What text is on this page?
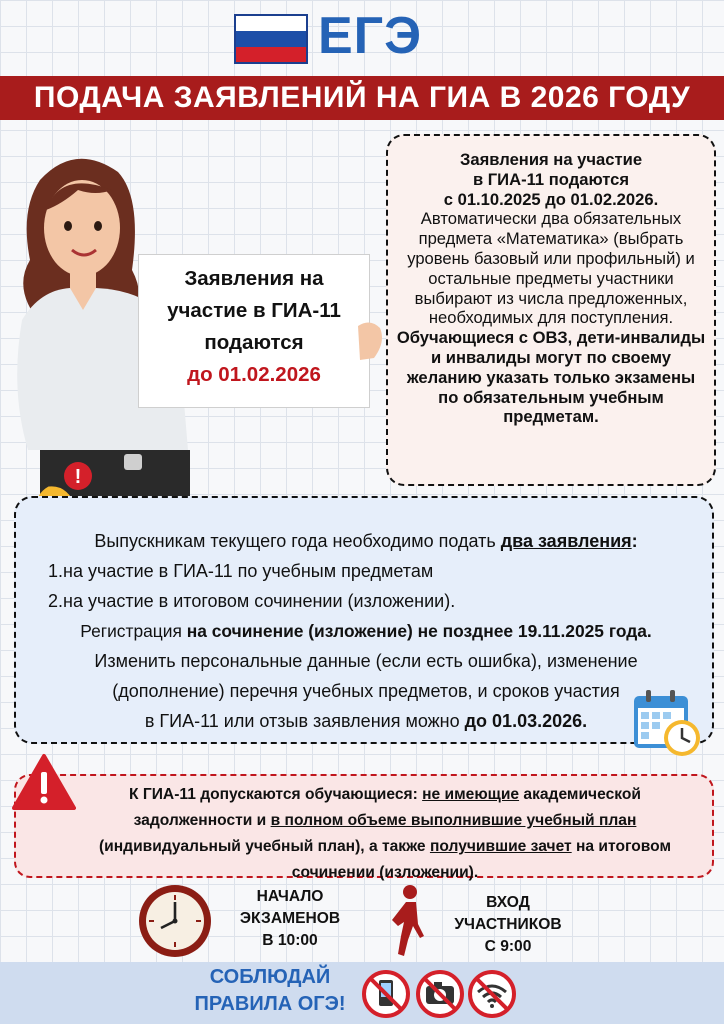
ЕГЭ
ПОДАЧА ЗАЯВЛЕНИЙ НА ГИА В 2026 ГОДУ
Заявления на
участие в ГИА-11
подаются
до 01.02.2026
Заявления на участие
в ГИА-11 подаются
с 01.10.2025 до 01.02.2026.
Автоматически два обязательных предмета «Математика» (выбрать уровень базовый или профильный) и остальные предметы участники выбирают из числа предложенных, необходимых для поступления.
Обучающиеся с ОВЗ, дети-инвалиды и инвалиды могут по своему желанию указать только экзамены по обязательным учебным предметам.
!
Выпускникам текущего года необходимо подать два заявления:
1.на участие в ГИА-11 по учебным предметам
2.на участие в итоговом сочинении (изложении).
Регистрация на сочинение (изложение) не позднее 19.11.2025 года.
Изменить персональные данные (если есть ошибка), изменение
(дополнение) перечня учебных предметов, и сроков участия
в ГИА-11 или отзыв заявления можно до 01.03.2026.
К ГИА-11 допускаются обучающиеся: не имеющие академической задолженности и в полном объеме выполнившие учебный план (индивидуальный учебный план), а также получившие зачет на итоговом сочинении (изложении).
НАЧАЛО
ЭКЗАМЕНОВ
В 10:00
ВХОД
УЧАСТНИКОВ
С 9:00
СОБЛЮДАЙ
ПРАВИЛА ОГЭ!
